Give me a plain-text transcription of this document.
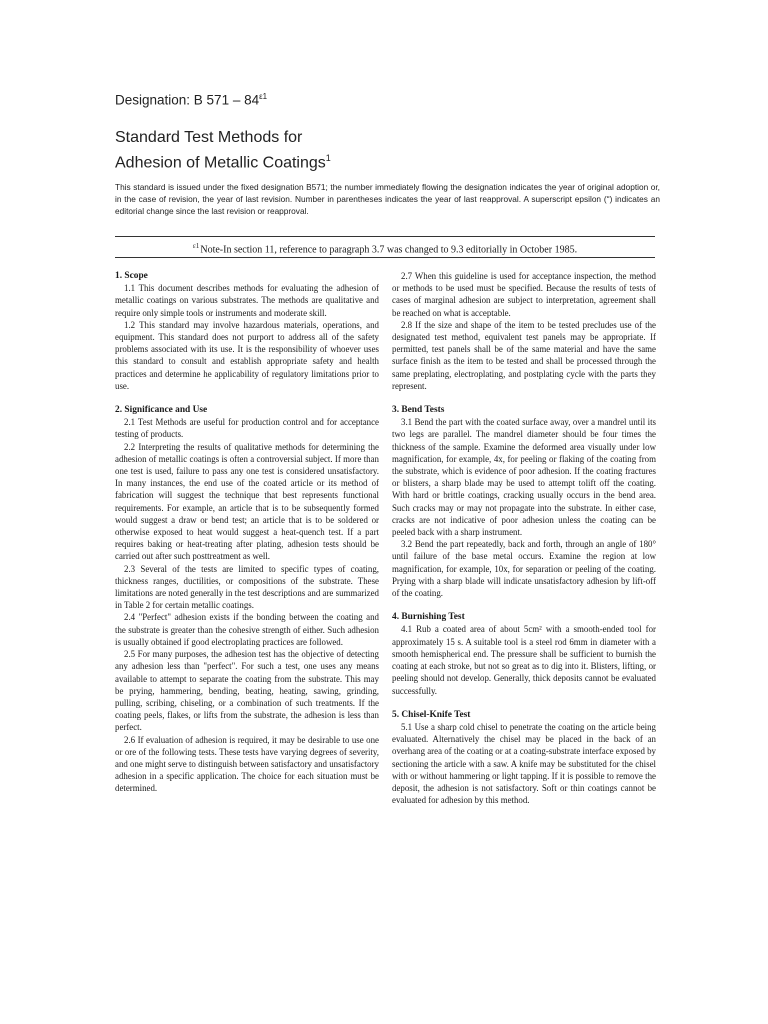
Designation: B $571 - 84^{\varepsilon 1}$
Standard Test Methods for
Adhesion of Metallic Coatings$^1$
This standard is issued under the fixed designation B571; the number immediately flowing the designation indicates the year of original adoption or, in the case of revision, the year of last revision. Number in parentheses indicates the year of last reapproval. A superscript epsilon (ʺ) indicates an editorial change since the last revision or reapproval.
$^{\varepsilon 1}$Note-In section 11, reference to paragraph 3.7 was changed to 9.3 editorially in October 1985.
1. Scope

1.1 This document describes methods for evaluating the adhesion of metallic coatings on various substrates. The methods are qualitative and require only simple tools or instruments and moderate skill.

1.2 This standard may involve hazardous materials, operations, and equipment. This standard does not purport to address all of the safety problems associated with its use. It is the responsibility of whoever uses this standard to consult and establish appropriate safety and health practices and determine he applicability of regulatory limitations prior to use.

2. Significance and Use

2.1 Test Methods are useful for production control and for acceptance testing of products.

2.2 Interpreting the results of qualitative methods for determining the adhesion of metallic coatings is often a controversial subject. If more than one test is used, failure to pass any one test is considered unsatisfactory. In many instances, the end use of the coated article or its method of fabrication will suggest the technique that best represents functional requirements. For example, an article that is to be subsequently formed would suggest a draw or bend test; an article that is to be soldered or otherwise exposed to heat would suggest a heat-quench test. If a part requires baking or heat-treating after plating, adhesion tests should be carried out after such posttreatment as well.

2.3 Several of the tests are limited to specific types of coating, thickness ranges, ductilities, or compositions of the substrate. These limitations are noted generally in the test descriptions and are summarized in Table 2 for certain metallic coatings.

2.4 "Perfect" adhesion exists if the bonding between the coating and the substrate is greater than the cohesive strength of either. Such adhesion is usually obtained if good electroplating practices are followed.

2.5 For many purposes, the adhesion test has the objective of detecting any adhesion less than "perfect". For such a test, one uses any means available to attempt to separate the coating from the substrate. This may be prying, hammering, bending, beating, heating, sawing, grinding, pulling, scribing, chiseling, or a combination of such treatments. If the coating peels, flakes, or lifts from the substrate, the adhesion is less than perfect.

2.6 If evaluation of adhesion is required, it may be desirable to use one or ore of the following tests. These tests have varying degrees of severity, and one might serve to distinguish between satisfactory and unsatisfactory adhesion in a specific application. The choice for each situation must be determined.

2.7 When this guideline is used for acceptance inspection, the method or methods to be used must be specified. Because the results of tests of cases of marginal adhesion are subject to interpretation, agreement shall be reached on what is acceptable.

2.8 If the size and shape of the item to be tested precludes use of the designated test method, equivalent test panels may be appropriate. If permitted, test panels shall be of the same material and have the same surface finish as the item to be tested and shall be processed through the same preplating, electroplating, and postplating cycle with the parts they represent.

3. Bend Tests

3.1 Bend the part with the coated surface away, over a mandrel until its two legs are parallel. The mandrel diameter should be four times the thickness of the sample. Examine the deformed area visually under low magnification, for example, 4x, for peeling or flaking of the coating from the substrate, which is evidence of poor adhesion. If the coating fractures or blisters, a sharp blade may be used to attempt tolift off the coating. With hard or brittle coatings, cracking usually occurs in the bend area. Such cracks may or may not propagate into the substrate. In either case, cracks are not indicative of poor adhesion unless the coating can be peeled back with a sharp instrument.

3.2 Bend the part repeatedly, back and forth, through an angle of 180° until failure of the base metal occurs. Examine the region at low magnification, for example, 10x, for separation or peeling of the coating. Prying with a sharp blade will indicate unsatisfactory adhesion by lift-off of the coating.

4. Burnishing Test

4.1 Rub a coated area of about 5cm² with a smooth-ended tool for approximately 15 s. A suitable tool is a steel rod 6mm in diameter with a smooth hemispherical end. The pressure shall be sufficient to burnish the coating at each stroke, but not so great as to dig into it. Blisters, lifting, or peeling should not develop. Generally, thick deposits cannot be evaluated successfully.

5. Chisel-Knife Test

5.1 Use a sharp cold chisel to penetrate the coating on the article being evaluated. Alternatively the chisel may be placed in the back of an overhang area of the coating or at a coating-substrate interface exposed by sectioning the article with a saw. A knife may be substituted for the chisel with or without hammering or light tapping. If it is possible to remove the deposit, the adhesion is not satisfactory. Soft or thin coatings cannot be evaluated for adhesion by this method.
